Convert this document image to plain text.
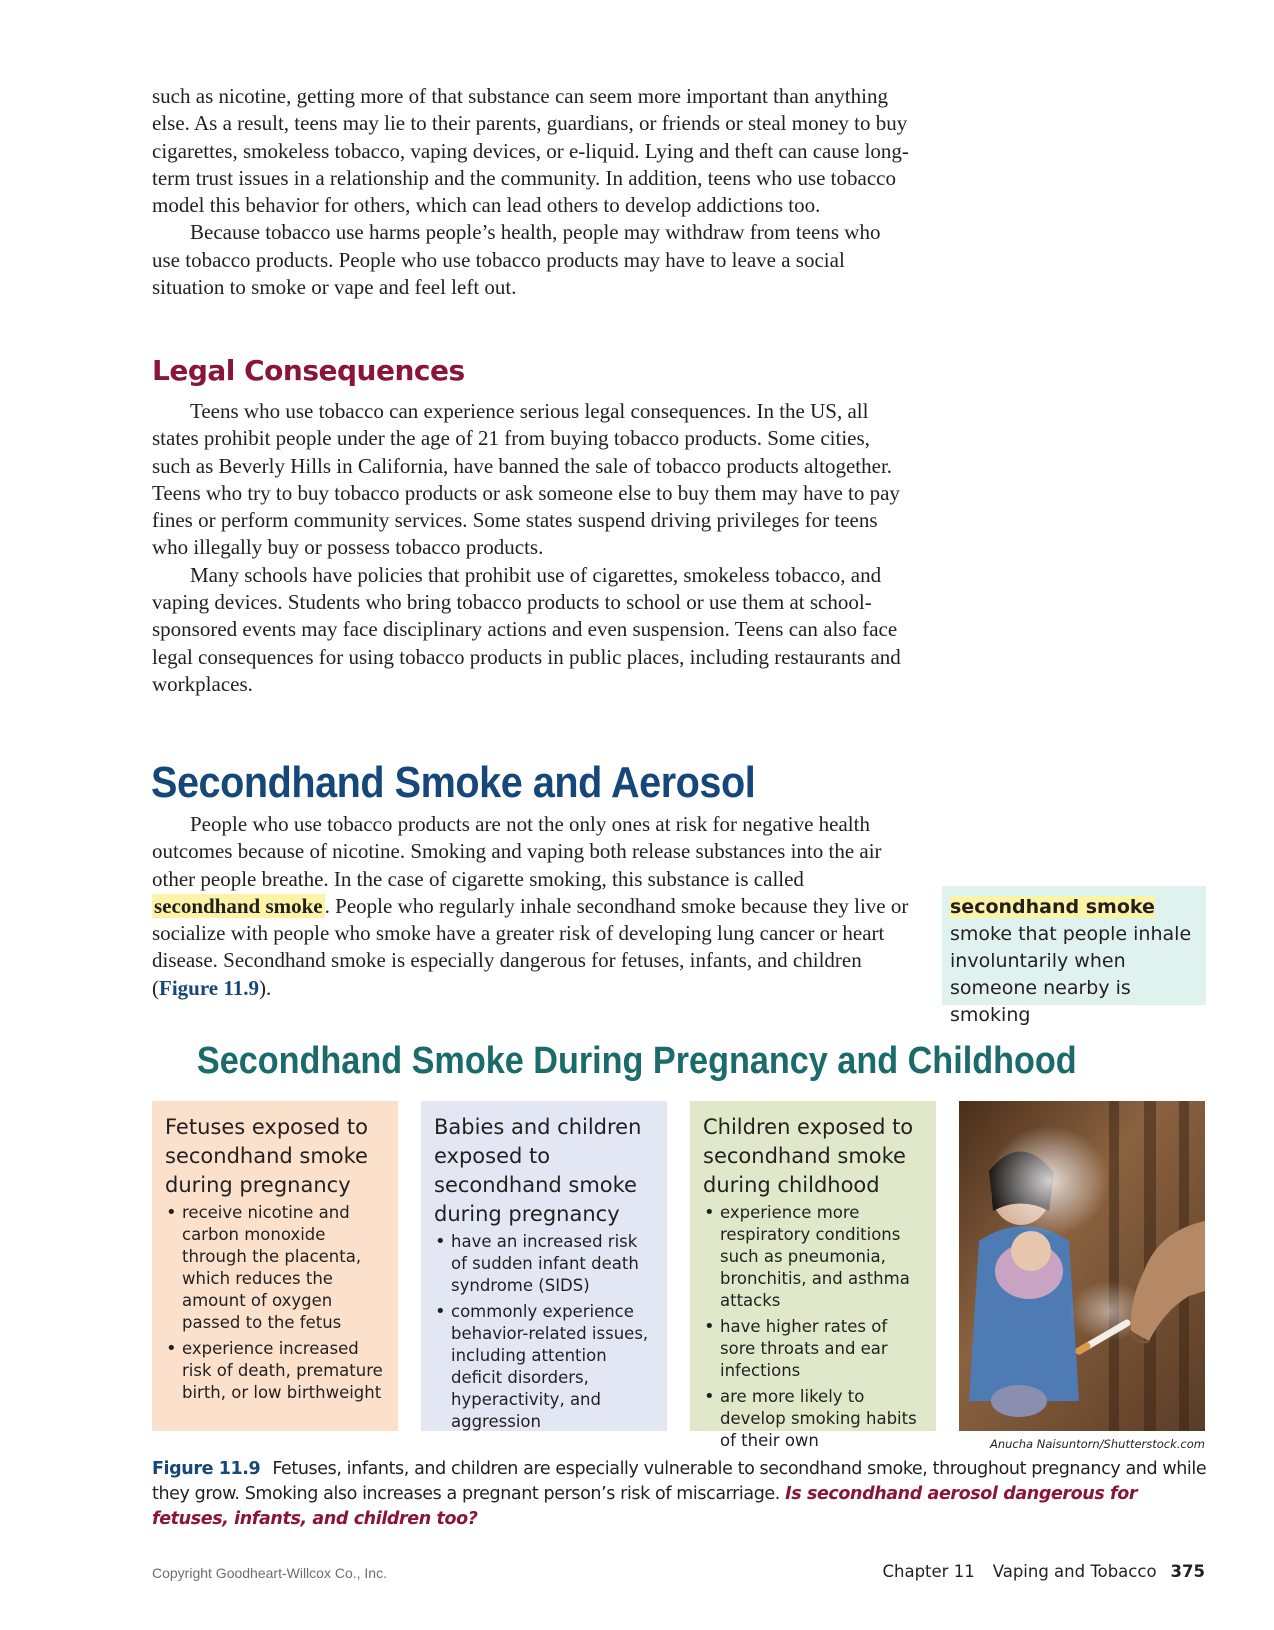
such as nicotine, getting more of that substance can seem more important than anything else. As a result, teens may lie to their parents, guardians, or friends or steal money to buy cigarettes, smokeless tobacco, vaping devices, or e-liquid. Lying and theft can cause long-term trust issues in a relationship and the community. In addition, teens who use tobacco model this behavior for others, which can lead others to develop addictions too.

Because tobacco use harms people’s health, people may withdraw from teens who use tobacco products. People who use tobacco products may have to leave a social situation to smoke or vape and feel left out.

Legal Consequences

Teens who use tobacco can experience serious legal consequences. In the US, all states prohibit people under the age of 21 from buying tobacco products. Some cities, such as Beverly Hills in California, have banned the sale of tobacco products altogether. Teens who try to buy tobacco products or ask someone else to buy them may have to pay fines or perform community services. Some states suspend driving privileges for teens who illegally buy or possess tobacco products.

Many schools have policies that prohibit use of cigarettes, smokeless tobacco, and vaping devices. Students who bring tobacco products to school or use them at school-sponsored events may face disciplinary actions and even suspension. Teens can also face legal consequences for using tobacco products in public places, including restaurants and workplaces.

Secondhand Smoke and Aerosol

People who use tobacco products are not the only ones at risk for negative health outcomes because of nicotine. Smoking and vaping both release substances into the air other people breathe. In the case of cigarette smoking, this substance is called secondhand smoke. People who regularly inhale secondhand smoke because they live or socialize with people who smoke have a greater risk of developing lung cancer or heart disease. Secondhand smoke is especially dangerous for fetuses, infants, and children (Figure 11.9).

secondhand smoke
smoke that people inhale involuntarily when someone nearby is smoking
Secondhand Smoke During Pregnancy and Childhood
Fetuses exposed to secondhand smoke during pregnancy
• receive nicotine and carbon monoxide through the placenta, which reduces the amount of oxygen passed to the fetus
• experience increased risk of death, premature birth, or low birthweight
Babies and children exposed to secondhand smoke during pregnancy
• have an increased risk of sudden infant death syndrome (SIDS)
• commonly experience behavior-related issues, including attention deficit disorders, hyperactivity, and aggression
Children exposed to secondhand smoke during childhood
• experience more respiratory conditions such as pneumonia, bronchitis, and asthma attacks
• have higher rates of sore throats and ear infections
• are more likely to develop smoking habits of their own	Anucha Naisuntorn/Shutterstock.com
Figure 11.9 Fetuses, infants, and children are especially vulnerable to secondhand smoke, throughout pregnancy and while they grow. Smoking also increases a pregnant person’s risk of miscarriage. Is secondhand aerosol dangerous for fetuses, infants, and children too?
Copyright Goodheart-Willcox Co., Inc.	Chapter 11 Vaping and Tobacco 375
